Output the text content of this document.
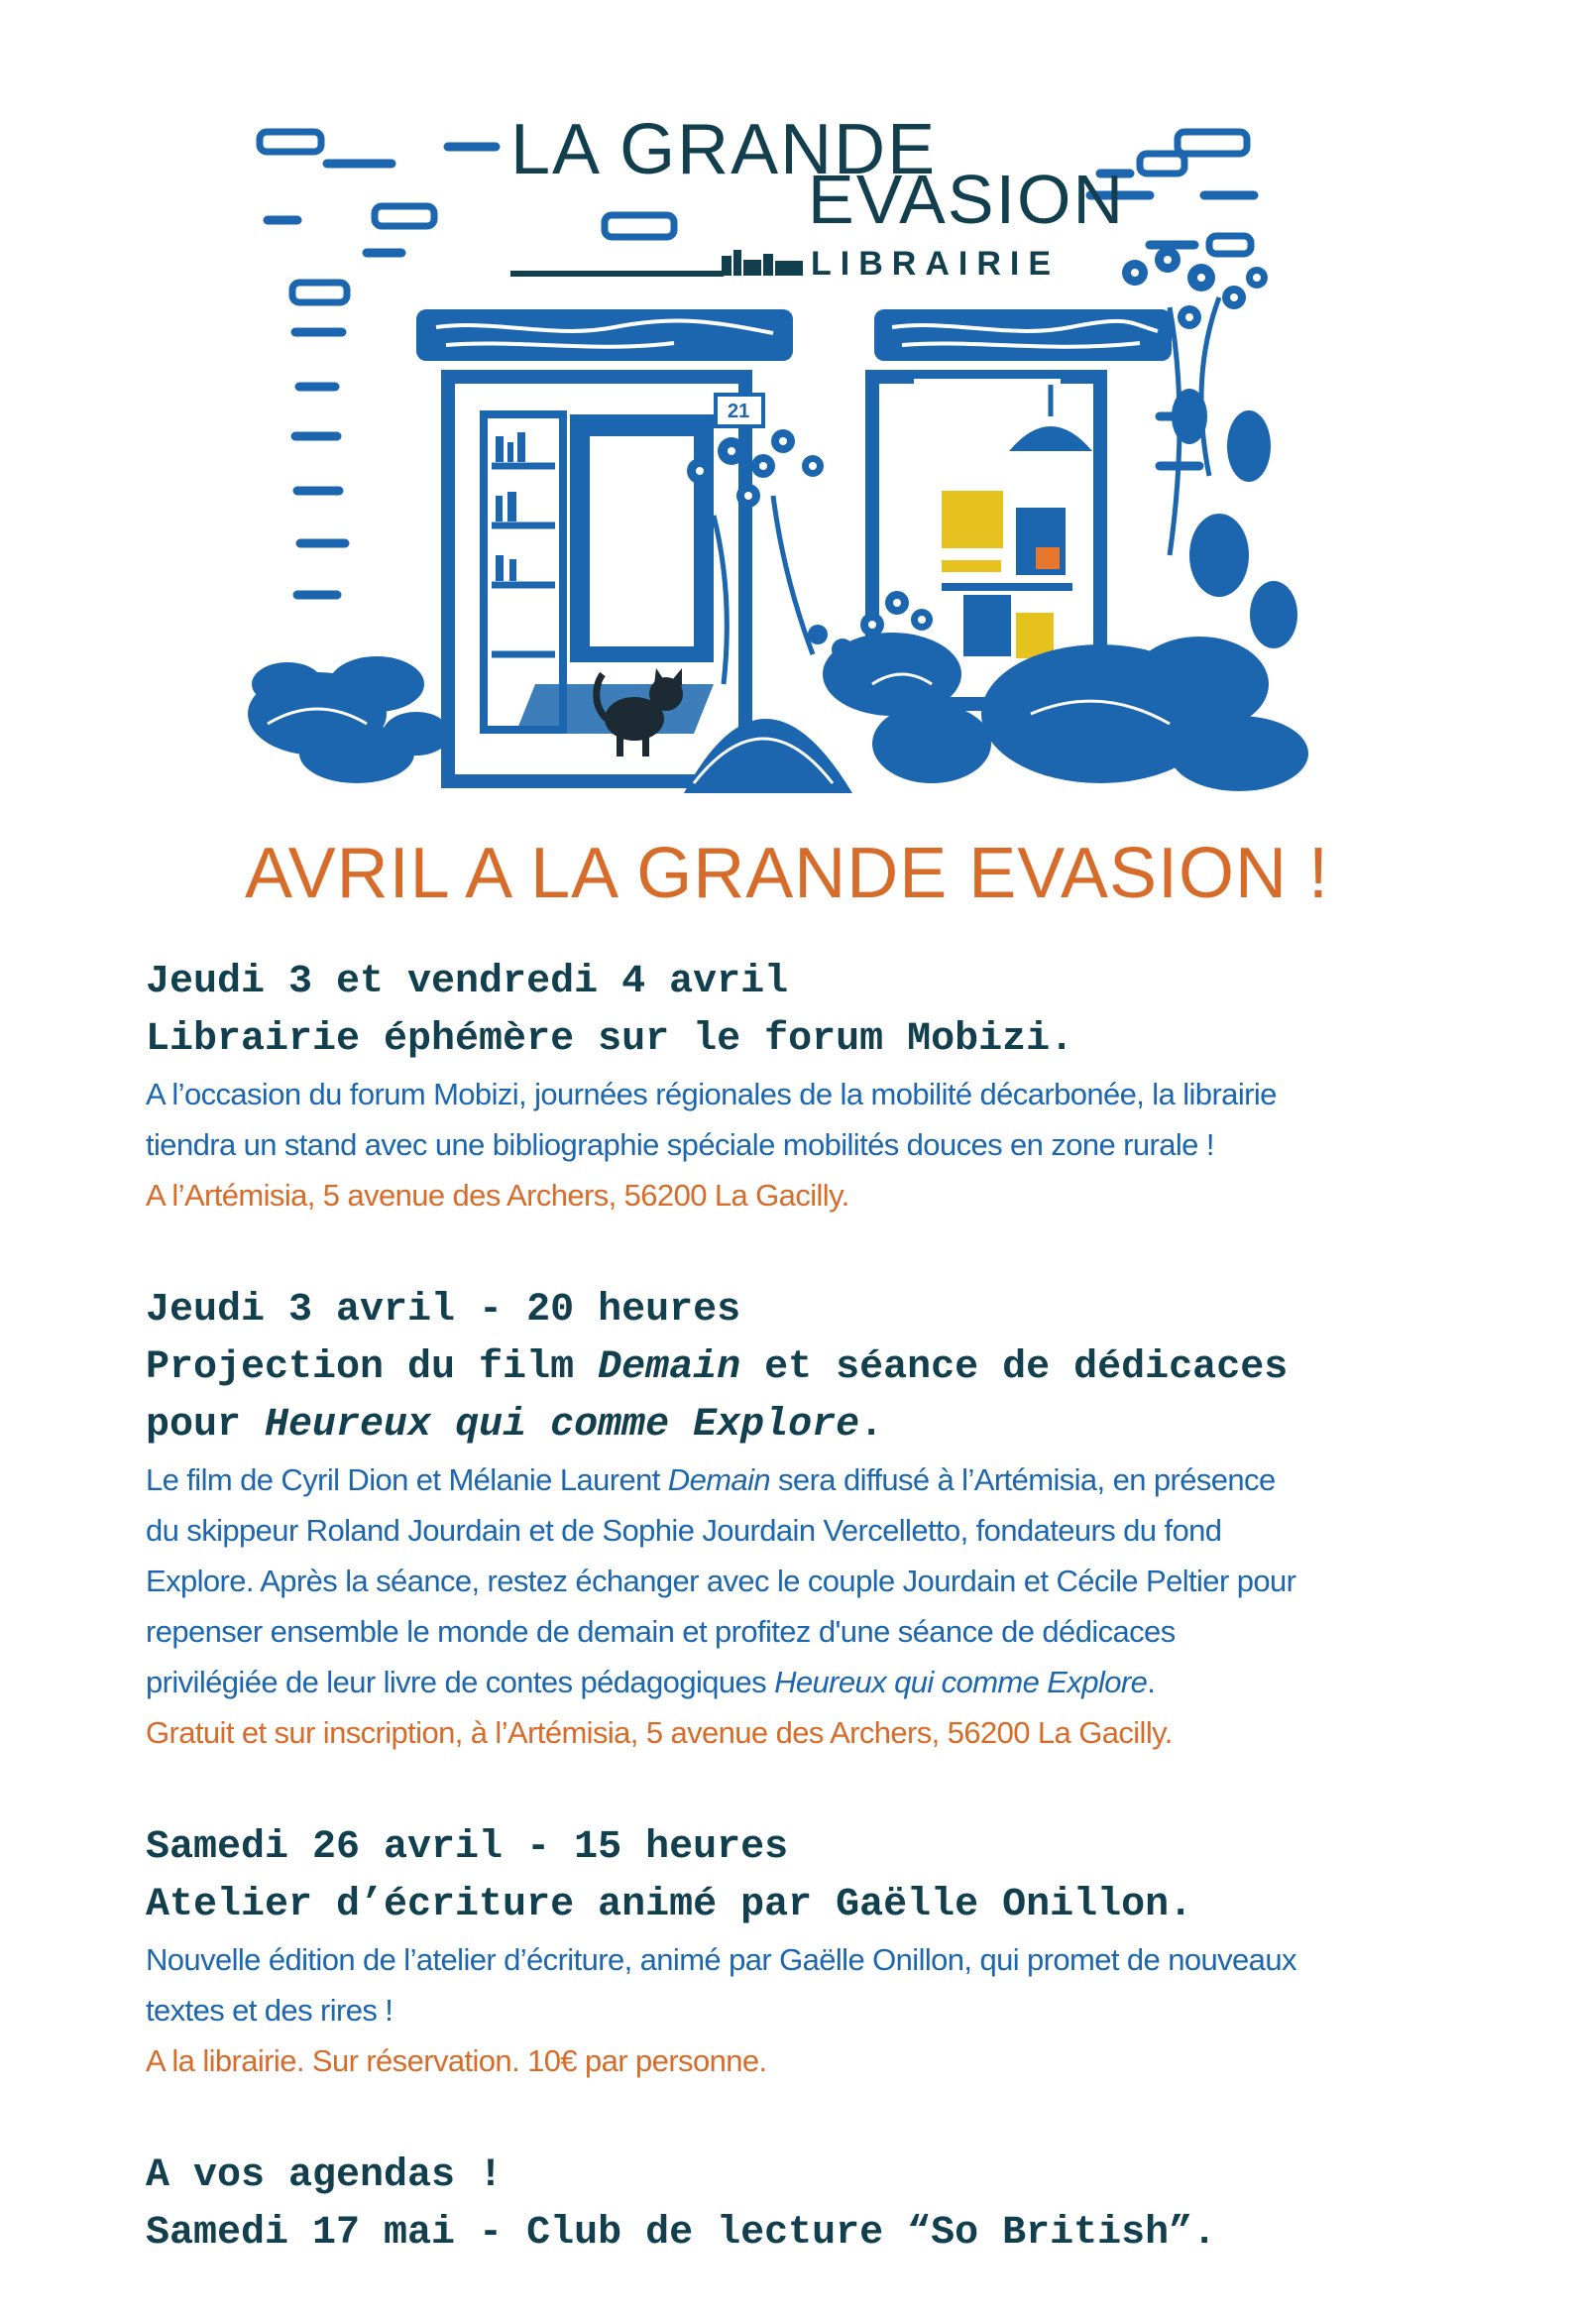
LA GRANDE
EVASION
LIBRAIRIE
21
AVRIL A LA GRANDE EVASION !

Jeudi 3 et vendredi 4 avril

Librairie éphémère sur le forum Mobizi.

A l’occasion du forum Mobizi, journées régionales de la mobilité décarbonée, la librairie

tiendra un stand avec une bibliographie spéciale mobilités douces en zone rurale !

A l’Artémisia, 5 avenue des Archers, 56200 La Gacilly.

Jeudi 3 avril - 20 heures

Projection du film Demain et séance de dédicaces

pour Heureux qui comme Explore.

Le film de Cyril Dion et Mélanie Laurent Demain sera diffusé à l’Artémisia, en présence

du skippeur Roland Jourdain et de Sophie Jourdain Vercelletto, fondateurs du fond

Explore. Après la séance, restez échanger avec le couple Jourdain et Cécile Peltier pour

repenser ensemble le monde de demain et profitez d'une séance de dédicaces

privilégiée de leur livre de contes pédagogiques Heureux qui comme Explore.

Gratuit et sur inscription, à l’Artémisia, 5 avenue des Archers, 56200 La Gacilly.

Samedi 26 avril - 15 heures

Atelier d’écriture animé par Gaëlle Onillon.

Nouvelle édition de l’atelier d’écriture, animé par Gaëlle Onillon, qui promet de nouveaux

textes et des rires !

A la librairie. Sur réservation. 10€ par personne.

A vos agendas !

Samedi 17 mai - Club de lecture “So British”.
